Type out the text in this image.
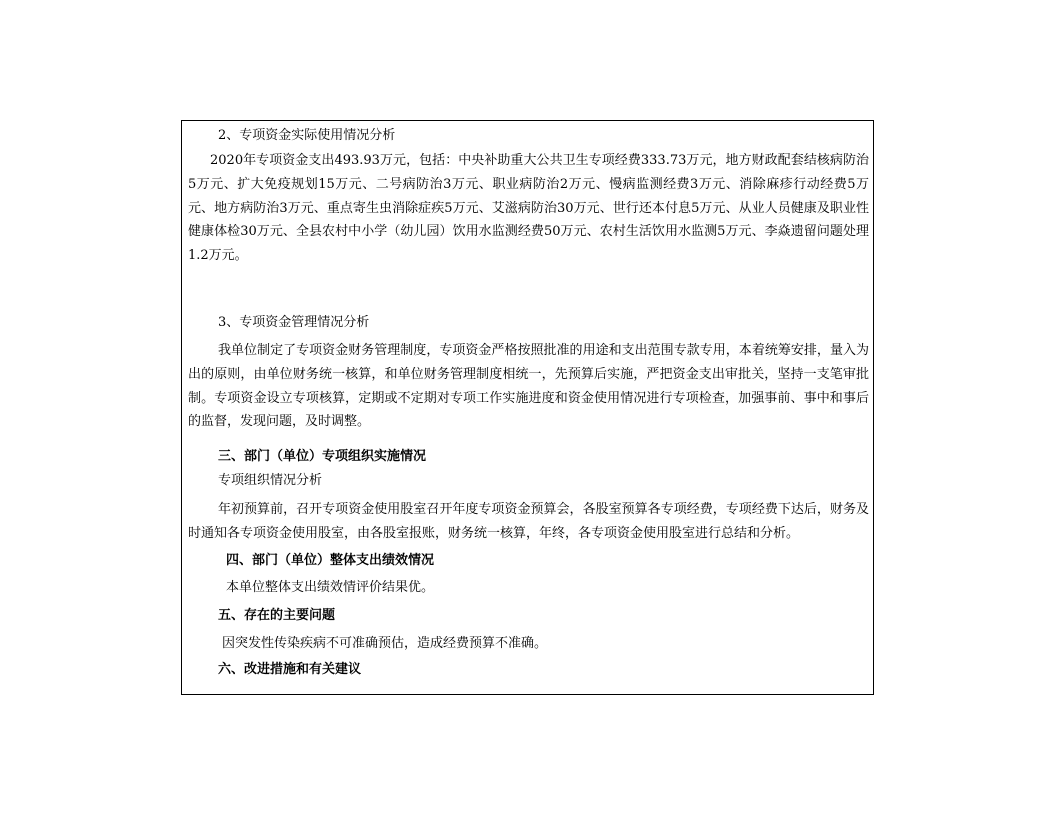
2、专项资金实际使用情况分析
2020年专项资金支出493.93万元，包括：中央补助重大公共卫生专项经费333.73万元，地方财政配套结核病防治5万元、扩大免疫规划15万元、二号病防治3万元、职业病防治2万元、慢病监测经费3万元、消除麻疹行动经费5万元、地方病防治3万元、重点寄生虫消除症疾5万元、艾滋病防治30万元、世行还本付息5万元、从业人员健康及职业性健康体检30万元、全县农村中小学（幼儿园）饮用水监测经费50万元、农村生活饮用水监测5万元、李焱遗留问题处理1.2万元。
3、专项资金管理情况分析
我单位制定了专项资金财务管理制度，专项资金严格按照批准的用途和支出范围专款专用，本着统筹安排，量入为出的原则，由单位财务统一核算，和单位财务管理制度相统一，先预算后实施，严把资金支出审批关，坚持一支笔审批制。专项资金设立专项核算，定期或不定期对专项工作实施进度和资金使用情况进行专项检查，加强事前、事中和事后的监督，发现问题，及时调整。
三、部门（单位）专项组织实施情况
专项组织情况分析
年初预算前，召开专项资金使用股室召开年度专项资金预算会，各股室预算各专项经费，专项经费下达后，财务及时通知各专项资金使用股室，由各股室报账，财务统一核算，年终，各专项资金使用股室进行总结和分析。
四、部门（单位）整体支出绩效情况
本单位整体支出绩效情评价结果优。
五、存在的主要问题
因突发性传染疾病不可准确预估，造成经费预算不准确。
六、改进措施和有关建议
